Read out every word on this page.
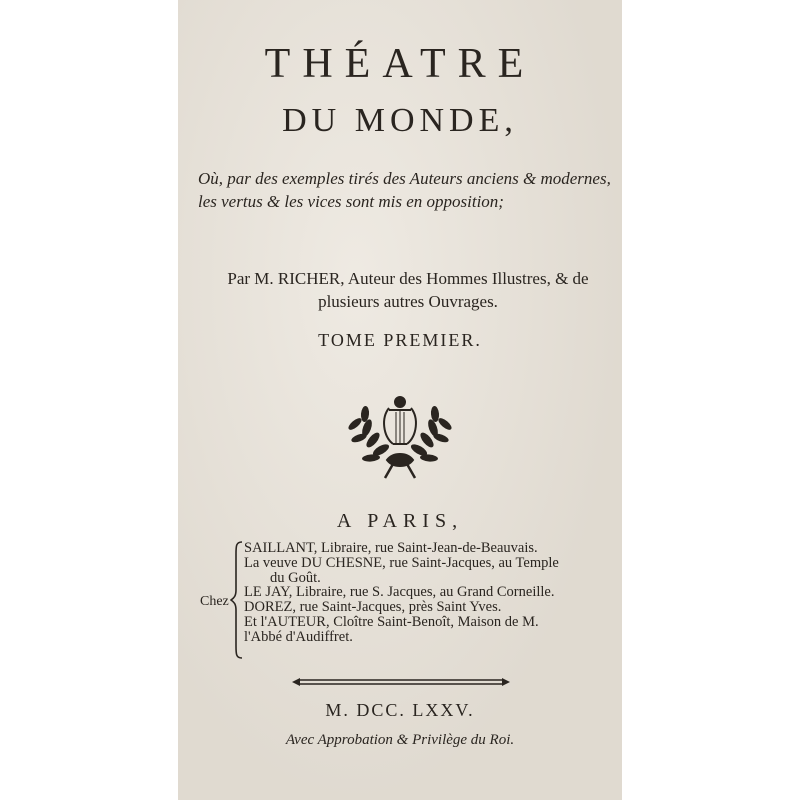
THÉATRE
DU MONDE,
Où, par des exemples tirés des Auteurs anciens & modernes, les vertus & les vices sont mis en opposition;
Par M. RICHER, Auteur des Hommes Illustres, & de plusieurs autres Ouvrages.
TOME PREMIER.
A PARIS,
Chez
SAILLANT, Libraire, rue Saint-Jean-de-Beauvais.
La veuve DU CHESNE, rue Saint-Jacques, au Temple
du Goût.
LE JAY, Libraire, rue S. Jacques, au Grand Corneille.
DOREZ, rue Saint-Jacques, près Saint Yves.
Et l'AUTEUR, Cloître Saint-Benoît, Maison de M.
l'Abbé d'Audiffret.
M. DCC. LXXV.
Avec Approbation & Privilège du Roi.
